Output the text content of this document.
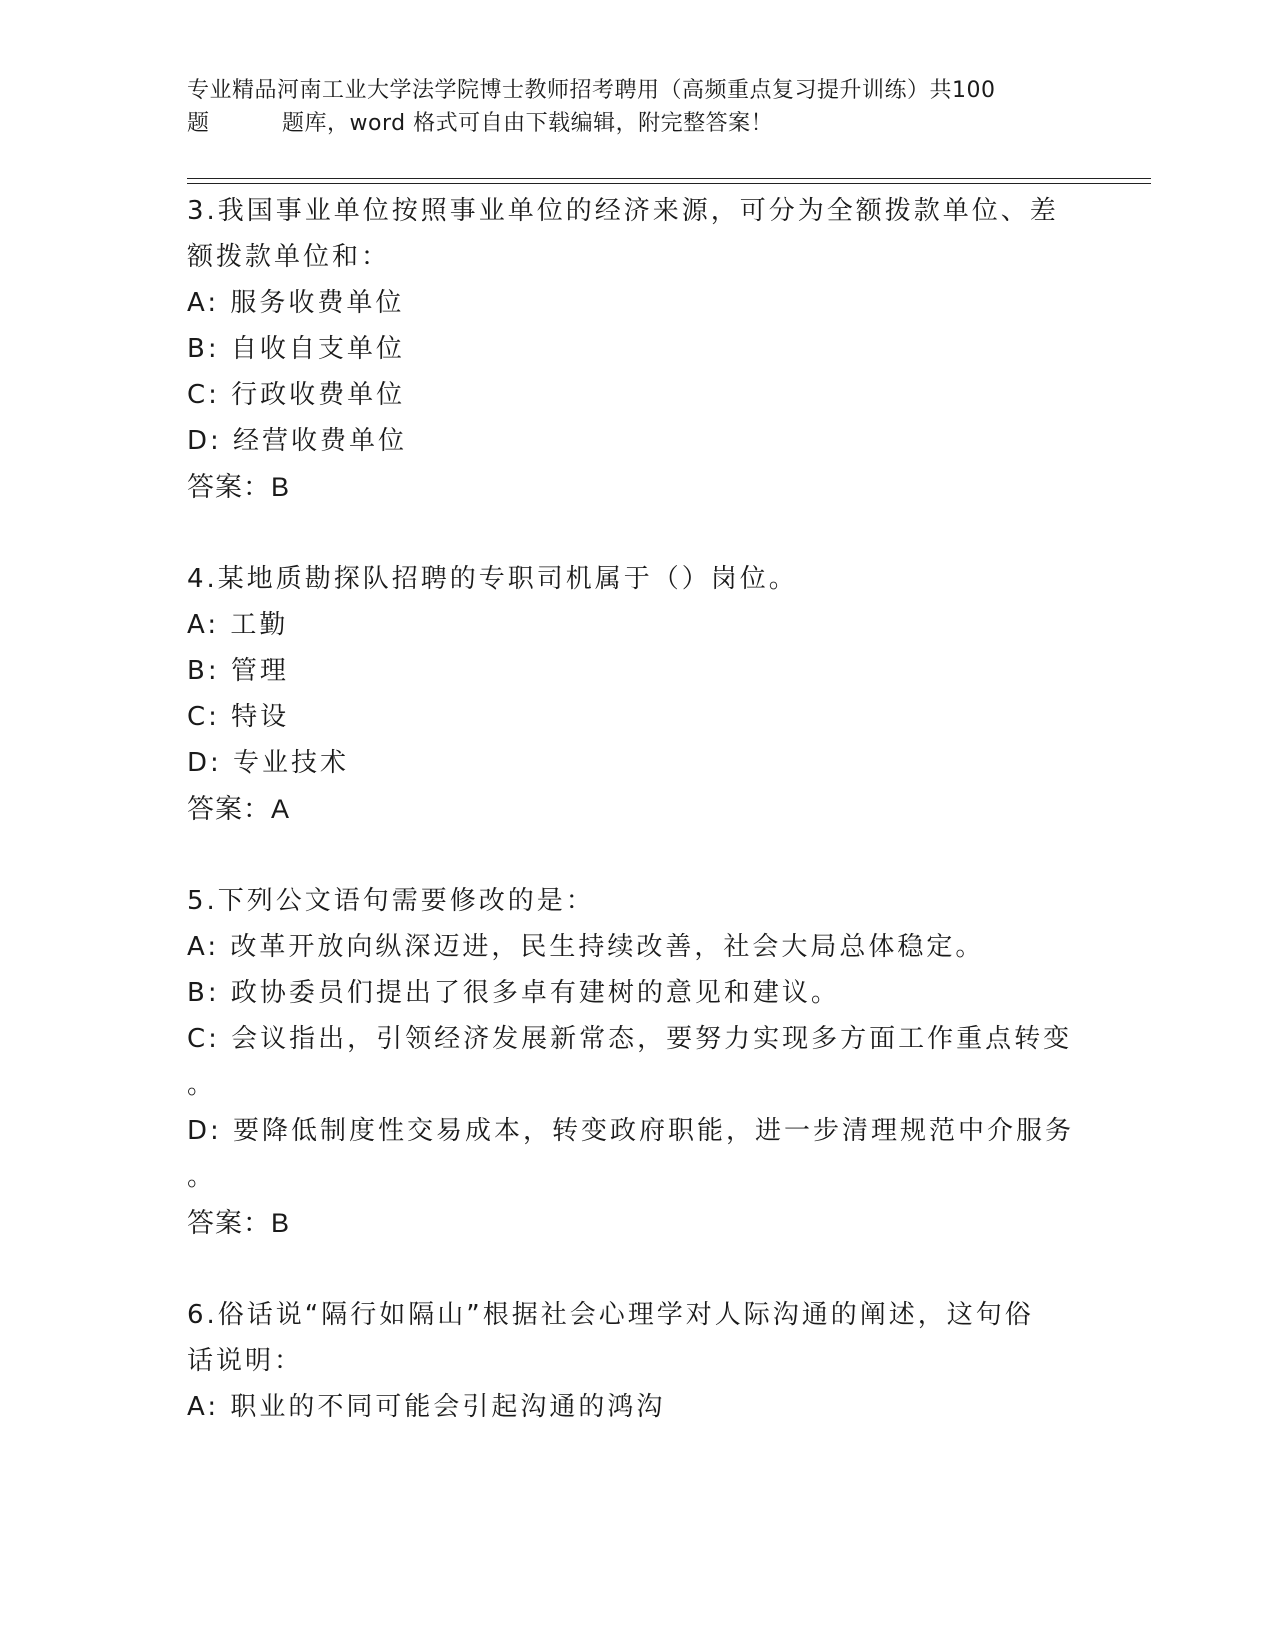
专业精品河南工业大学法学院博士教师招考聘用（高频重点复习提升训练）共100
题	题库，word 格式可自由下载编辑，附完整答案！
3.我国事业单位按照事业单位的经济来源，可分为全额拨款单位、差
额拨款单位和：
A: 服务收费单位
B: 自收自支单位
C: 行政收费单位
D: 经营收费单位
答案：B
4.某地质勘探队招聘的专职司机属于（）岗位。
A: 工勤
B: 管理
C: 特设
D: 专业技术
答案：A
5.下列公文语句需要修改的是：
A: 改革开放向纵深迈进，民生持续改善，社会大局总体稳定。
B: 政协委员们提出了很多卓有建树的意见和建议。
C: 会议指出，引领经济发展新常态，要努力实现多方面工作重点转变
。
D: 要降低制度性交易成本，转变政府职能，进一步清理规范中介服务
。
答案：B
6.俗话说“隔行如隔山”根据社会心理学对人际沟通的阐述，这句俗
话说明：
A: 职业的不同可能会引起沟通的鸿沟
